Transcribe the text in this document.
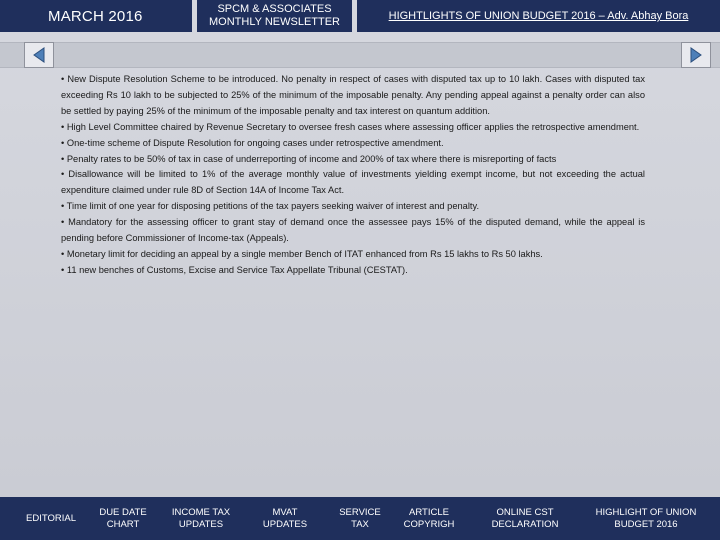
MARCH 2016	SPCM & ASSOCIATES
MONTHLY NEWSLETTER	HIGHTLIGHTS OF UNION BUDGET 2016 – Adv. Abhay Bora

• New Dispute Resolution Scheme to be introduced. No penalty in respect of cases with disputed tax up to 10 lakh. Cases with disputed tax exceeding Rs 10 lakh to be subjected to 25% of the minimum of the imposable penalty. Any pending appeal against a penalty order can also be settled by paying 25% of the minimum of the imposable penalty and tax interest on quantum addition.

• High Level Committee chaired by Revenue Secretary to oversee fresh cases where assessing officer applies the retrospective amendment.

• One-time scheme of Dispute Resolution for ongoing cases under retrospective amendment.

• Penalty rates to be 50% of tax in case of underreporting of income and 200% of tax where there is misreporting of facts

• Disallowance will be limited to 1% of the average monthly value of investments yielding exempt income, but not exceeding the actual expenditure claimed under rule 8D of Section 14A of Income Tax Act.

• Time limit of one year for disposing petitions of the tax payers seeking waiver of interest and penalty.

• Mandatory for the assessing officer to grant stay of demand once the assessee pays 15% of the disputed demand, while the appeal is pending before Commissioner of Income-tax (Appeals).

• Monetary limit for deciding an appeal by a single member Bench of ITAT enhanced from Rs 15 lakhs to Rs 50 lakhs.

• 11 new benches of Customs, Excise and Service Tax Appellate Tribunal (CESTAT).

EDITORIAL
DUE DATE
CHART
INCOME TAX
UPDATES
MVAT
UPDATES
SERVICE
TAX
ARTICLE
COPYRIGH
ONLINE CST
DECLARATION
HIGHLIGHT OF UNION
BUDGET 2016
